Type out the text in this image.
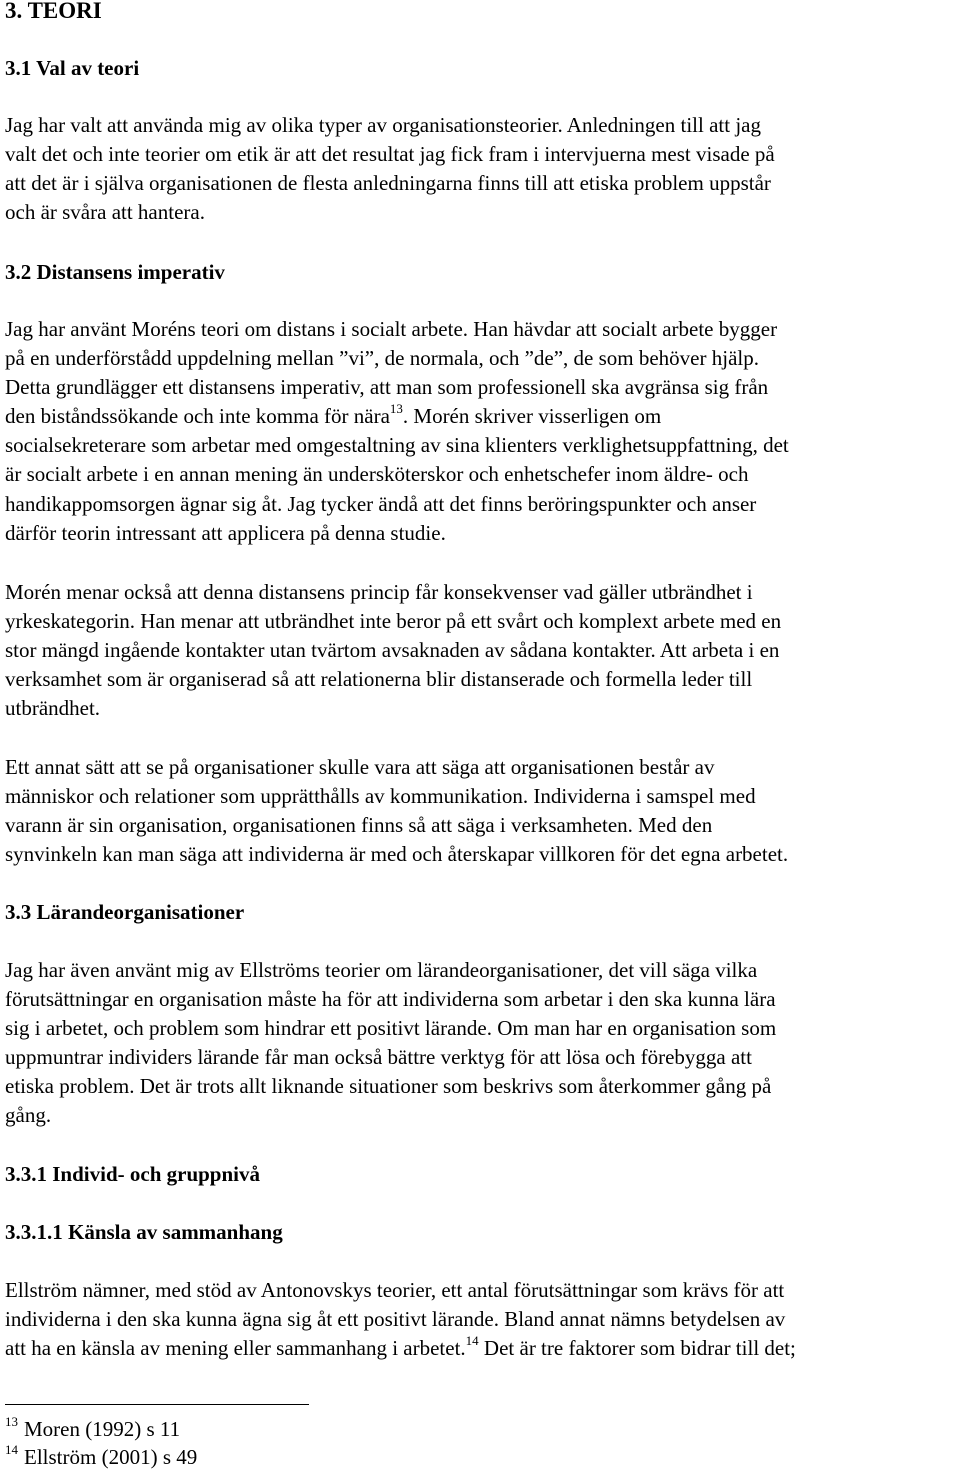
3. TEORI
3.1 Val av teori
Jag har valt att använda mig av olika typer av organisationsteorier. Anledningen till att jag
valt det och inte teorier om etik är att det resultat jag fick fram i intervjuerna mest visade på
att det är i själva organisationen de flesta anledningarna finns till att etiska problem uppstår
och är svåra att hantera.
3.2 Distansens imperativ
Jag har använt Moréns teori om distans i socialt arbete. Han hävdar att socialt arbete bygger
på en underförstådd uppdelning mellan ”vi”, de normala, och ”de”, de som behöver hjälp.
Detta grundlägger ett distansens imperativ, att man som professionell ska avgränsa sig från
den biståndssökande och inte komma för nära$^{13}$. Morén skriver visserligen om
socialsekreterare som arbetar med omgestaltning av sina klienters verklighetsuppfattning, det
är socialt arbete i en annan mening än undersköterskor och enhetschefer inom äldre- och
handikappomsorgen ägnar sig åt. Jag tycker ändå att det finns beröringspunkter och anser
därför teorin intressant att applicera på denna studie.
Morén menar också att denna distansens princip får konsekvenser vad gäller utbrändhet i
yrkeskategorin. Han menar att utbrändhet inte beror på ett svårt och komplext arbete med en
stor mängd ingående kontakter utan tvärtom avsaknaden av sådana kontakter. Att arbeta i en
verksamhet som är organiserad så att relationerna blir distanserade och formella leder till
utbrändhet.
Ett annat sätt att se på organisationer skulle vara att säga att organisationen består av
människor och relationer som upprätthålls av kommunikation. Individerna i samspel med
varann är sin organisation, organisationen finns så att säga i verksamheten. Med den
synvinkeln kan man säga att individerna är med och återskapar villkoren för det egna arbetet.
3.3 Lärandeorganisationer
Jag har även använt mig av Ellströms teorier om lärandeorganisationer, det vill säga vilka
förutsättningar en organisation måste ha för att individerna som arbetar i den ska kunna lära
sig i arbetet, och problem som hindrar ett positivt lärande. Om man har en organisation som
uppmuntrar individers lärande får man också bättre verktyg för att lösa och förebygga att
etiska problem. Det är trots allt liknande situationer som beskrivs som återkommer gång på
gång.
3.3.1 Individ- och gruppnivå
3.3.1.1 Känsla av sammanhang
Ellström nämner, med stöd av Antonovskys teorier, ett antal förutsättningar som krävs för att
individerna i den ska kunna ägna sig åt ett positivt lärande. Bland annat nämns betydelsen av
att ha en känsla av mening eller sammanhang i arbetet.$^{14}$ Det är tre faktorer som bidrar till det;
$^{13}$ Moren (1992) s 11
$^{14}$ Ellström (2001) s 49
